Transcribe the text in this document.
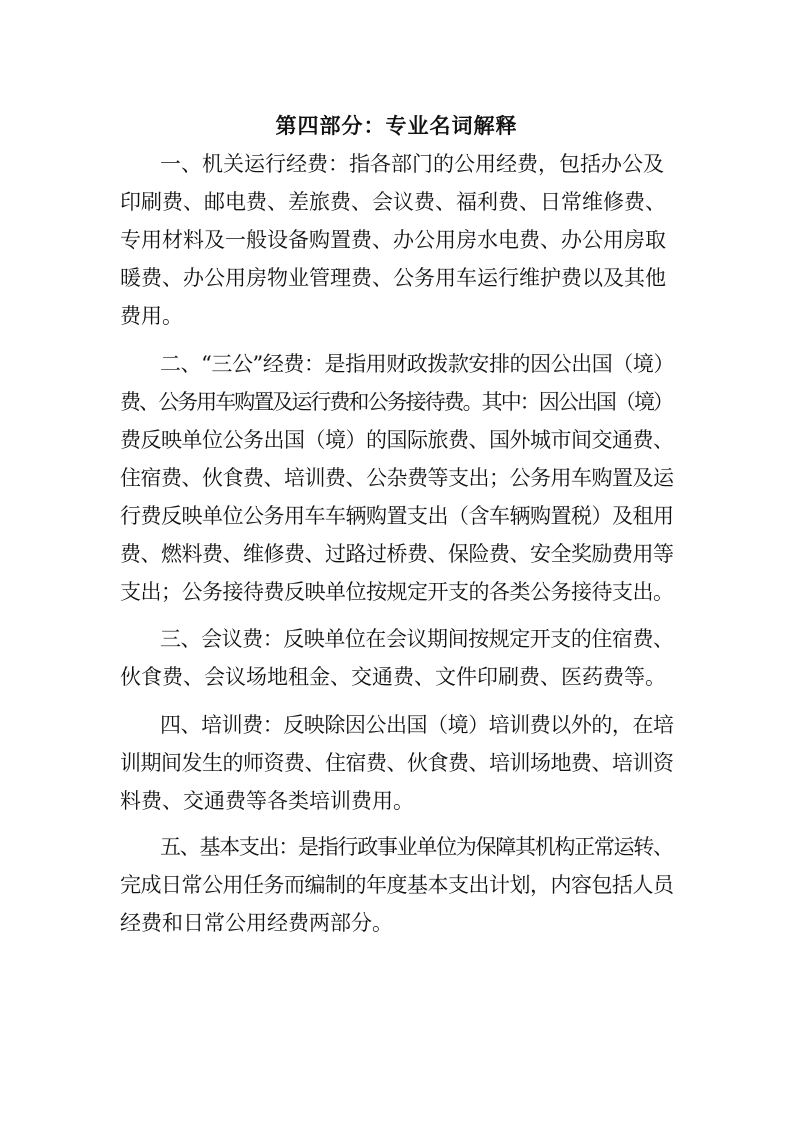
第四部分：专业名词解释
一、机关运行经费：指各部门的公用经费，包括办公及
印刷费、邮电费、差旅费、会议费、福利费、日常维修费、
专用材料及一般设备购置费、办公用房水电费、办公用房取
暖费、办公用房物业管理费、公务用车运行维护费以及其他
费用。
二、“三公”经费：是指用财政拨款安排的因公出国（境）
费、公务用车购置及运行费和公务接待费。其中：因公出国（境）
费反映单位公务出国（境）的国际旅费、国外城市间交通费、
住宿费、伙食费、培训费、公杂费等支出；公务用车购置及运
行费反映单位公务用车车辆购置支出（含车辆购置税）及租用
费、燃料费、维修费、过路过桥费、保险费、安全奖励费用等
支出；公务接待费反映单位按规定开支的各类公务接待支出。
三、会议费：反映单位在会议期间按规定开支的住宿费、
伙食费、会议场地租金、交通费、文件印刷费、医药费等。
四、培训费：反映除因公出国（境）培训费以外的，在培
训期间发生的师资费、住宿费、伙食费、培训场地费、培训资
料费、交通费等各类培训费用。
五、基本支出：是指行政事业单位为保障其机构正常运转、
完成日常公用任务而编制的年度基本支出计划，内容包括人员
经费和日常公用经费两部分。
